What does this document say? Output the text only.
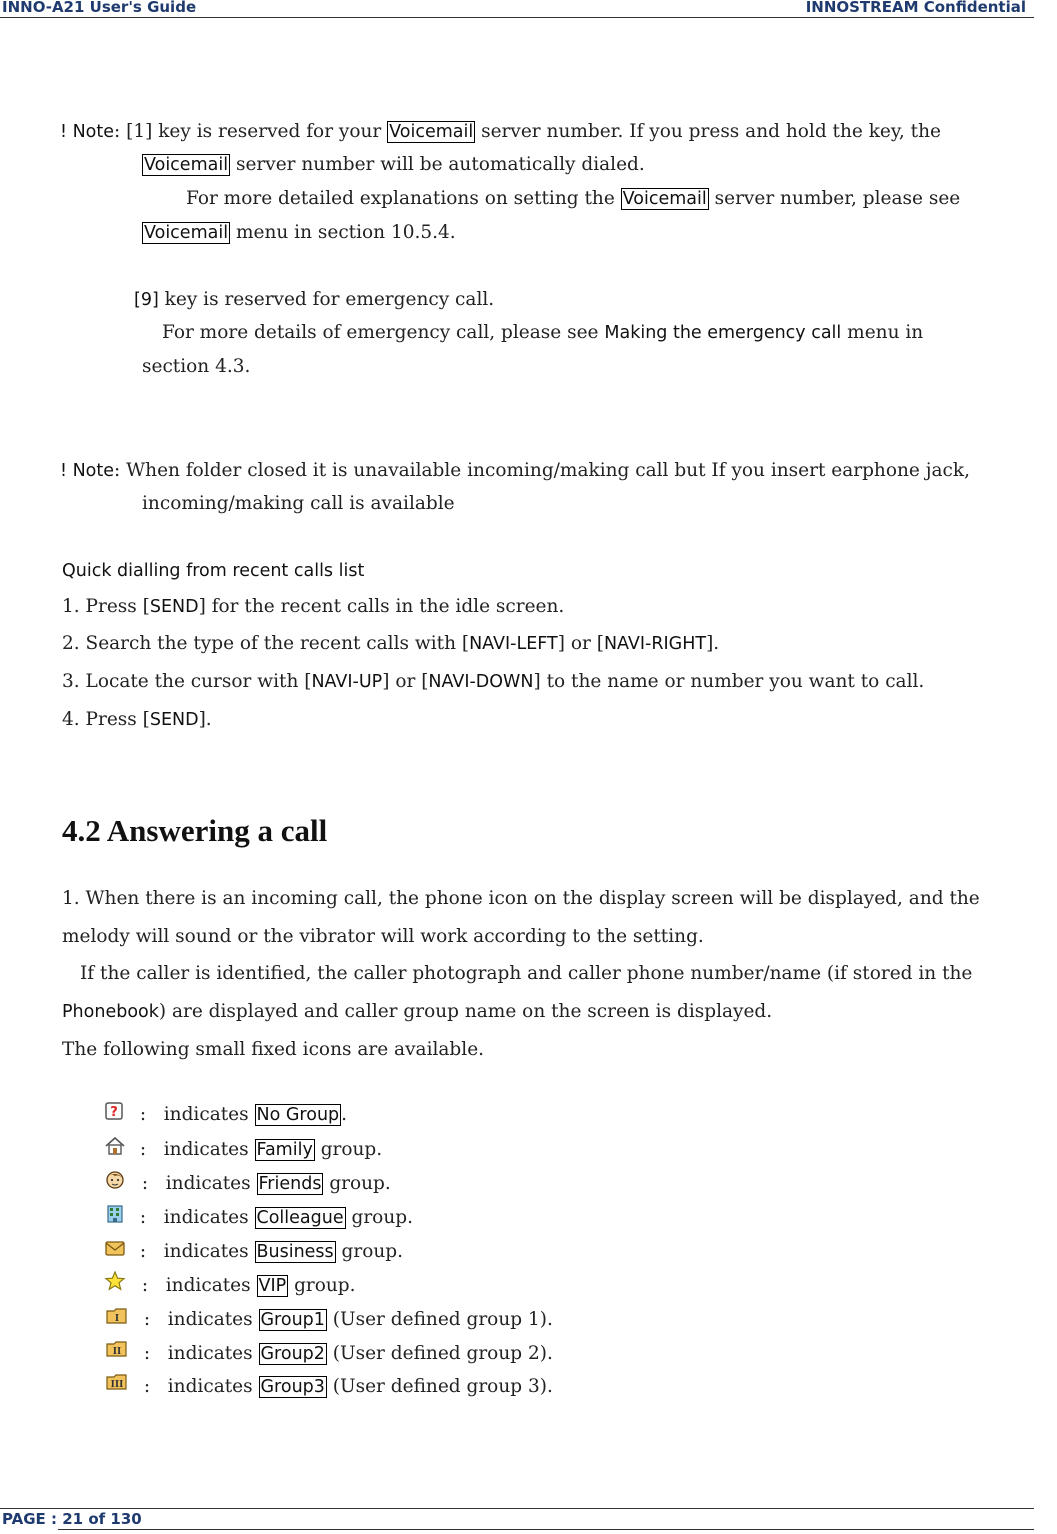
INNO-A21 User's Guide	INNOSTREAM Confidential
! Note: [1] key is reserved for your Voicemail server number. If you press and hold the key, the
Voicemail server number will be automatically dialed.
For more detailed explanations on setting the Voicemail server number, please see
Voicemail menu in section 10.5.4.
[9] key is reserved for emergency call.
For more details of emergency call, please see Making the emergency call menu in
section 4.3.
! Note: When folder closed it is unavailable incoming/making call but If you insert earphone jack,
incoming/making call is available
Quick dialling from recent calls list
1. Press [SEND] for the recent calls in the idle screen.
2. Search the type of the recent calls with [NAVI-LEFT] or [NAVI-RIGHT].
3. Locate the cursor with [NAVI-UP] or [NAVI-DOWN] to the name or number you want to call.
4. Press [SEND].
4.2 Answering a call
1. When there is an incoming call, the phone icon on the display screen will be displayed, and the
melody will sound or the vibrator will work according to the setting.
If the caller is identified, the caller photograph and caller phone number/name (if stored in the
Phonebook) are displayed and caller group name on the screen is displayed.
The following small fixed icons are available.
?
I
II
III
:   indicates No Group .
:   indicates Family group.
:   indicates Friends group.
:   indicates Colleague group.
:   indicates Business group.
:   indicates VIP group.
:   indicates Group1 (User defined group 1).
:   indicates Group2 (User defined group 2).
:   indicates Group3 (User defined group 3).
PAGE : 21 of 130
